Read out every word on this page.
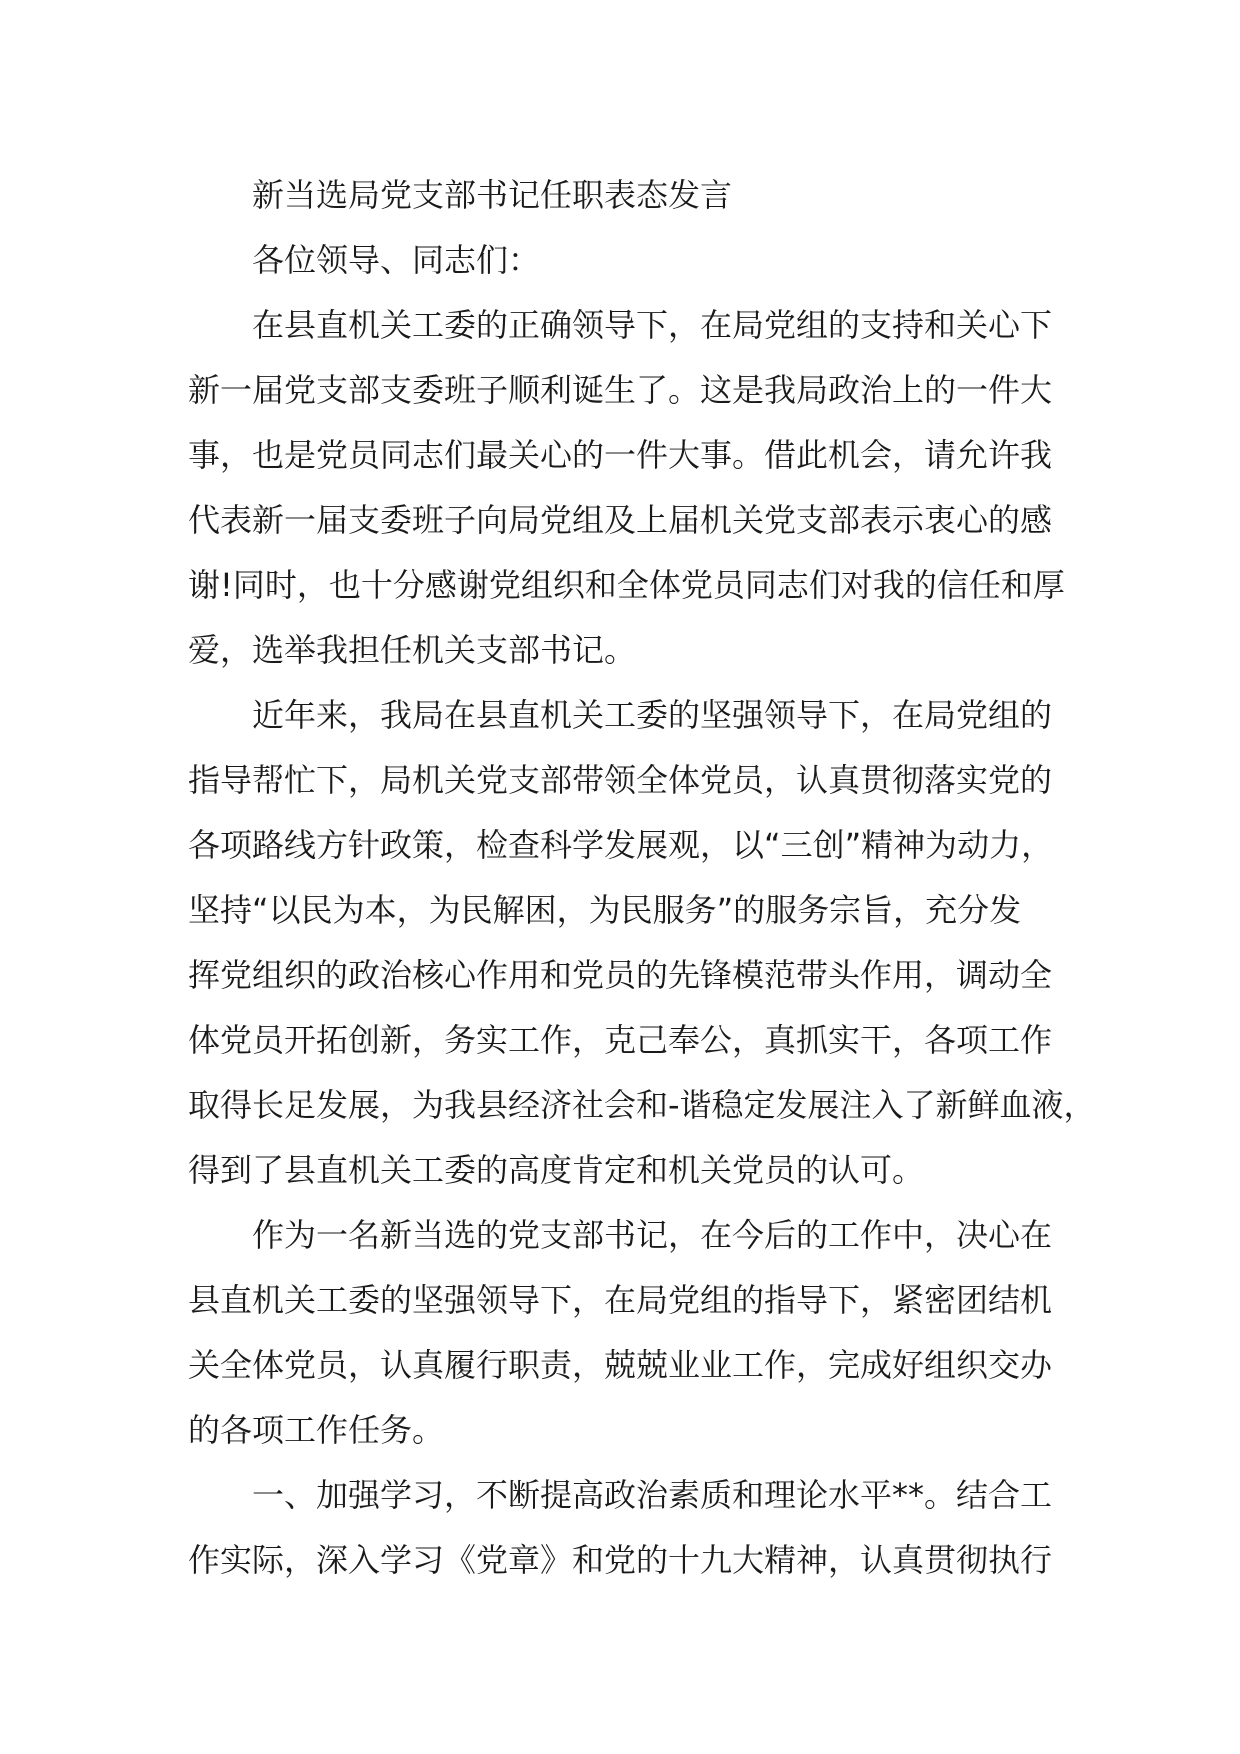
新当选局党支部书记任职表态发言
各位领导、同志们：
在县直机关工委的正确领导下，在局党组的支持和关心下
新一届党支部支委班子顺利诞生了。这是我局政治上的一件大
事，也是党员同志们最关心的一件大事。借此机会，请允许我
代表新一届支委班子向局党组及上届机关党支部表示衷心的感
谢!同时，也十分感谢党组织和全体党员同志们对我的信任和厚
爱，选举我担任机关支部书记。
近年来，我局在县直机关工委的坚强领导下，在局党组的
指导帮忙下，局机关党支部带领全体党员，认真贯彻落实党的
各项路线方针政策，检查科学发展观，以“三创”精神为动力，
坚持“以民为本，为民解困，为民服务”的服务宗旨，充分发
挥党组织的政治核心作用和党员的先锋模范带头作用，调动全
体党员开拓创新，务实工作，克己奉公，真抓实干，各项工作
取得长足发展，为我县经济社会和-谐稳定发展注入了新鲜血液，
得到了县直机关工委的高度肯定和机关党员的认可。
作为一名新当选的党支部书记，在今后的工作中，决心在
县直机关工委的坚强领导下，在局党组的指导下，紧密团结机
关全体党员，认真履行职责，兢兢业业工作，完成好组织交办
的各项工作任务。
一、加强学习，不断提高政治素质和理论水平**。结合工
作实际，深入学习《党章》和党的十九大精神，认真贯彻执行
